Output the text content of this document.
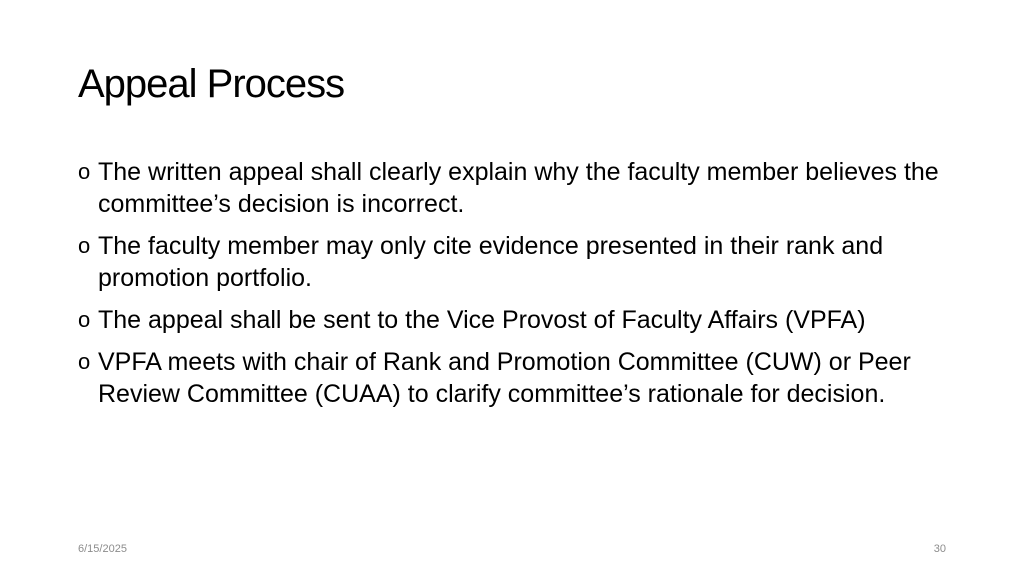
Appeal Process
o The written appeal shall clearly explain why the faculty member believes the committee’s decision is incorrect.
o The faculty member may only cite evidence presented in their rank and promotion portfolio.
o The appeal shall be sent to the Vice Provost of Faculty Affairs (VPFA)
o VPFA meets with chair of Rank and Promotion Committee (CUW) or Peer Review Committee (CUAA) to clarify committee’s rationale for decision.
6/15/2025	30
